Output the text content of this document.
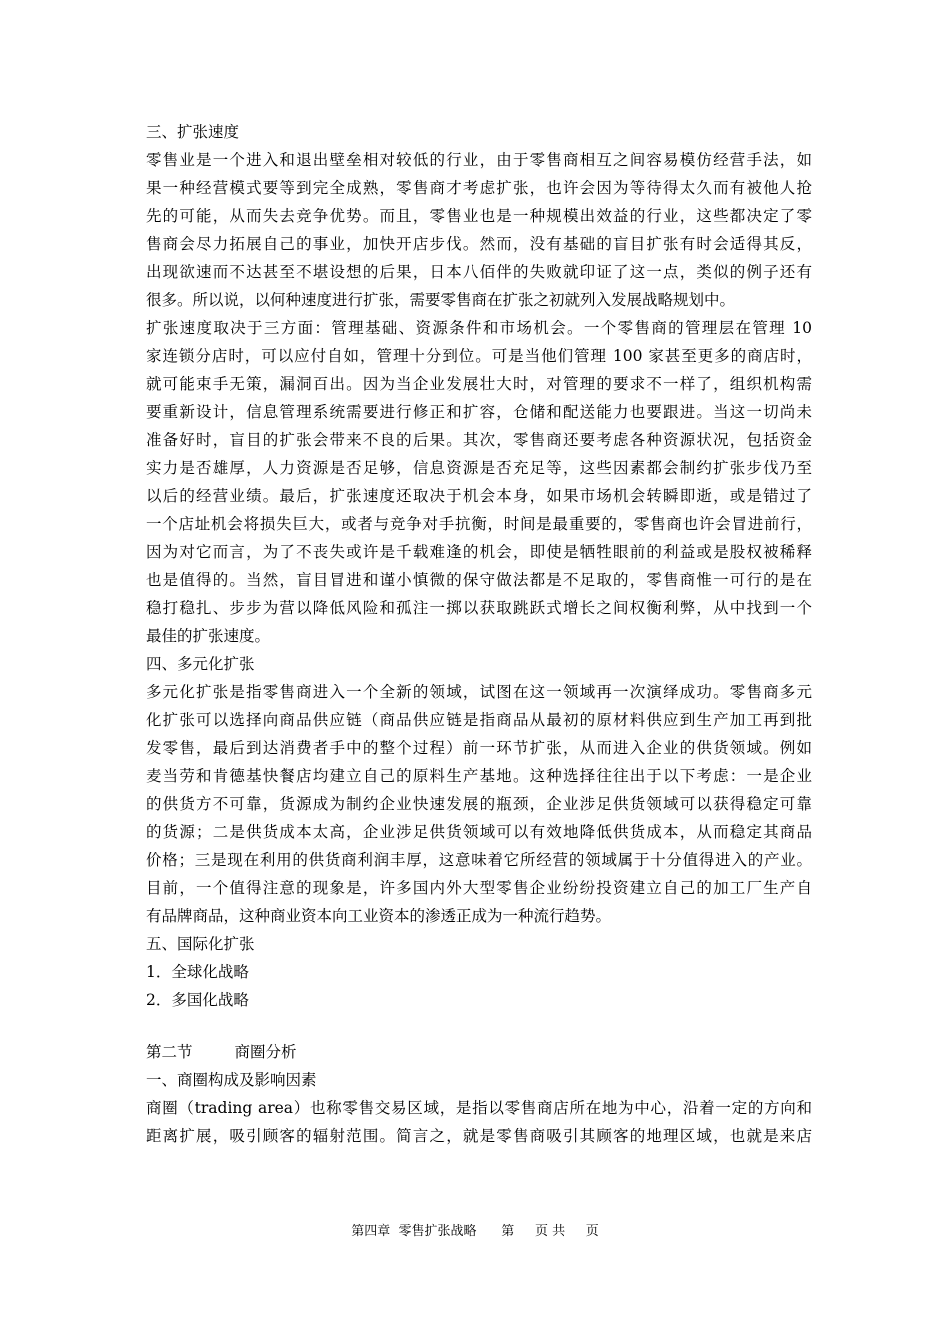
三、扩张速度

零售业是一个进入和退出壁垒相对较低的行业，由于零售商相互之间容易模仿经营手法，如

果一种经营模式要等到完全成熟，零售商才考虑扩张，也许会因为等待得太久而有被他人抢

先的可能，从而失去竞争优势。而且，零售业也是一种规模出效益的行业，这些都决定了零

售商会尽力拓展自己的事业，加快开店步伐。然而，没有基础的盲目扩张有时会适得其反，

出现欲速而不达甚至不堪设想的后果，日本八佰伴的失败就印证了这一点，类似的例子还有

很多。所以说，以何种速度进行扩张，需要零售商在扩张之初就列入发展战略规划中。

扩张速度取决于三方面：管理基础、资源条件和市场机会。一个零售商的管理层在管理 10

家连锁分店时，可以应付自如，管理十分到位。可是当他们管理 100 家甚至更多的商店时，

就可能束手无策，漏洞百出。因为当企业发展壮大时，对管理的要求不一样了，组织机构需

要重新设计，信息管理系统需要进行修正和扩容，仓储和配送能力也要跟进。当这一切尚未

准备好时，盲目的扩张会带来不良的后果。其次，零售商还要考虑各种资源状况，包括资金

实力是否雄厚，人力资源是否足够，信息资源是否充足等，这些因素都会制约扩张步伐乃至

以后的经营业绩。最后，扩张速度还取决于机会本身，如果市场机会转瞬即逝，或是错过了

一个店址机会将损失巨大，或者与竞争对手抗衡，时间是最重要的，零售商也许会冒进前行，

因为对它而言，为了不丧失或许是千载难逢的机会，即使是牺牲眼前的利益或是股权被稀释

也是值得的。当然，盲目冒进和谨小慎微的保守做法都是不足取的，零售商惟一可行的是在

稳打稳扎、步步为营以降低风险和孤注一掷以获取跳跃式增长之间权衡利弊，从中找到一个

最佳的扩张速度。

四、多元化扩张

多元化扩张是指零售商进入一个全新的领域，试图在这一领域再一次演绎成功。零售商多元

化扩张可以选择向商品供应链（商品供应链是指商品从最初的原材料供应到生产加工再到批

发零售，最后到达消费者手中的整个过程）前一环节扩张，从而进入企业的供货领域。例如

麦当劳和肯德基快餐店均建立自己的原料生产基地。这种选择往往出于以下考虑：一是企业

的供货方不可靠，货源成为制约企业快速发展的瓶颈，企业涉足供货领域可以获得稳定可靠

的货源；二是供货成本太高，企业涉足供货领域可以有效地降低供货成本，从而稳定其商品

价格；三是现在利用的供货商利润丰厚，这意味着它所经营的领域属于十分值得进入的产业。

目前，一个值得注意的现象是，许多国内外大型零售企业纷纷投资建立自己的加工厂生产自

有品牌商品，这种商业资本向工业资本的渗透正成为一种流行趋势。

五、国际化扩张

1．全球化战略

2．多国化战略

第二节	商圈分析

一、商圈构成及影响因素

商圈（trading area）也称零售交易区域，是指以零售商店所在地为中心，沿着一定的方向和

距离扩展，吸引顾客的辐射范围。简言之，就是零售商吸引其顾客的地理区域，也就是来店

第四章  零售扩张战略 第 页 共 页
